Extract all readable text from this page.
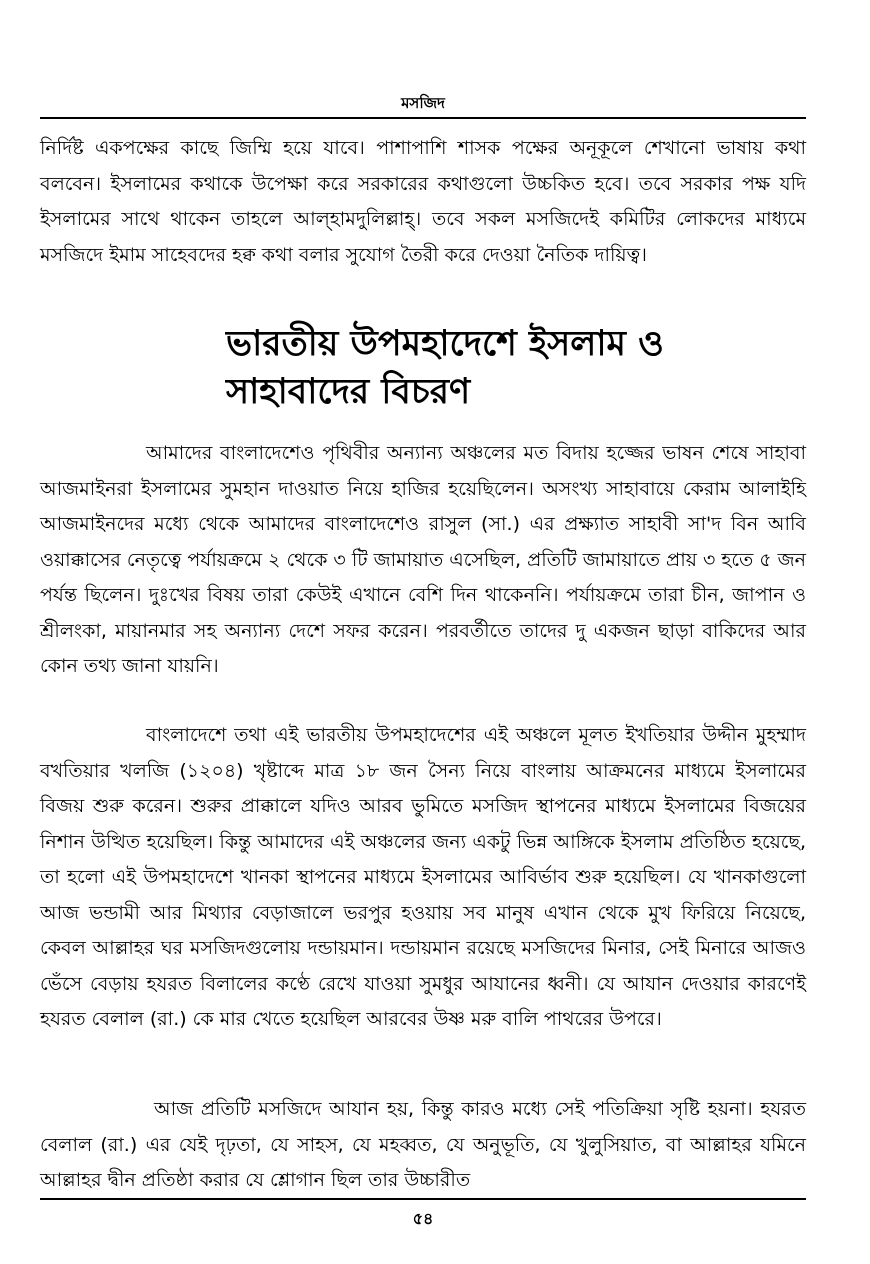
মসজিদ

নির্দিষ্ট একপক্ষের কাছে জিম্মি হয়ে যাবে। পাশাপাশি শাসক পক্ষের অনূকূলে শেখানো ভাষায় কথা বলবেন। ইসলামের কথাকে উপেক্ষা করে সরকারের কথাগুলো উচ্চকিত হবে। তবে সরকার পক্ষ যদি ইসলামের সাথে থাকেন তাহলে আল্‌হামদুলিল্লাহ্‌। তবে সকল মসজিদেই কমিটির লোকদের মাধ্যমে মসজিদে ইমাম সাহেবদের হক্ব কথা বলার সুযোগ তৈরী করে দেওয়া নৈতিক দায়িত্ব।

ভারতীয় উপমহাদেশে ইসলাম ও
সাহাবাদের বিচরণ

আমাদের বাংলাদেশেও পৃথিবীর অন্যান্য অঞ্চলের মত বিদায় হজ্জের ভাষন শেষে সাহাবা আজমাইনরা ইসলামের সুমহান দাওয়াত নিয়ে হাজির হয়েছিলেন। অসংখ্য সাহাবায়ে কেরাম আলাইহি আজমাইনদের মধ্যে থেকে আমাদের বাংলাদেশেও রাসুল (সা.) এর প্রক্ষ্যাত সাহাবী সা'দ বিন আবি ওয়াক্কাসের নেতৃত্বে পর্যায়ক্রমে ২ থেকে ৩ টি জামায়াত এসেছিল, প্রতিটি জামায়াতে প্রায় ৩ হতে ৫ জন পর্যন্ত ছিলেন। দুঃখের বিষয় তারা কেউই এখানে বেশি দিন থাকেননি। পর্যায়ক্রমে তারা চীন, জাপান ও শ্রীলংকা, মায়ানমার সহ অন্যান্য দেশে সফর করেন। পরবর্তীতে তাদের দু একজন ছাড়া বাকিদের আর কোন তথ্য জানা যায়নি।

বাংলাদেশে তথা এই ভারতীয় উপমহাদেশের এই অঞ্চলে মূলত ইখতিয়ার উদ্দীন মুহম্মাদ বখতিয়ার খলজি (১২০৪) খৃষ্টাব্দে মাত্র ১৮ জন সৈন্য নিয়ে বাংলায় আক্রমনের মাধ্যমে ইসলামের বিজয় শুরু করেন। শুরুর প্রাক্কালে যদিও আরব ভুমিতে মসজিদ স্থাপনের মাধ্যমে ইসলামের বিজয়ের নিশান উত্থিত হয়েছিল। কিন্তু আমাদের এই অঞ্চলের জন্য একটু ভিন্ন আঙ্গিকে ইসলাম প্রতিষ্ঠিত হয়েছে, তা হলো এই উপমহাদেশে খানকা স্থাপনের মাধ্যমে ইসলামের আবির্ভাব শুরু হয়েছিল। যে খানকাগুলো আজ ভন্ডামী আর মিথ্যার বেড়াজালে ভরপুর হওয়ায় সব মানুষ এখান থেকে মুখ ফিরিয়ে নিয়েছে, কেবল আল্লাহর ঘর মসজিদগুলোয় দন্ডায়মান। দন্ডায়মান রয়েছে মসজিদের মিনার, সেই মিনারে আজও ভেঁসে বেড়ায় হযরত বিলালের কণ্ঠে রেখে যাওয়া সুমধুর আযানের ধ্বনী। যে আযান দেওয়ার কারণেই হযরত বেলাল (রা.) কে মার খেতে হয়েছিল আরবের উষ্ণ মরু বালি পাথরের উপরে।

আজ প্রতিটি মসজিদে আযান হয়, কিন্তু কারও মধ্যে সেই পতিক্রিয়া সৃষ্টি হয়না। হযরত বেলাল (রা.) এর যেই দৃঢ়তা, যে সাহস, যে মহব্বত, যে অনুভূতি, যে খুলুসিয়াত, বা আল্লাহর যমিনে আল্লাহর দ্বীন প্রতিষ্ঠা করার যে শ্লোগান ছিল তার উচ্চারীত

৫৪
